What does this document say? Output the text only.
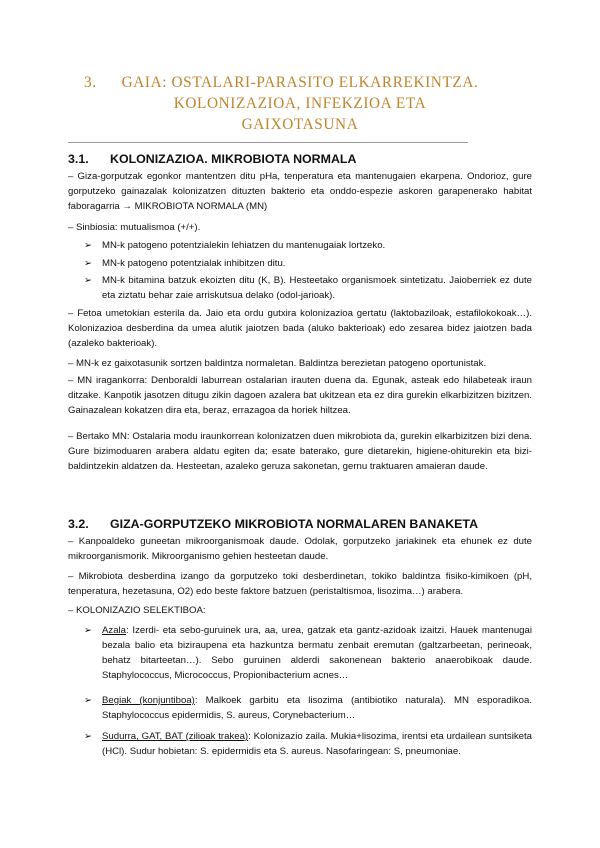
3.	GAIA: OSTALARI-PARASITO ELKARREKINTZA.
KOLONIZAZIOA, INFEKZIOA ETA
GAIXOTASUNA
3.1. KOLONIZAZIOA. MIKROBIOTA NORMALA
– Giza-gorputzak egonkor mantentzen ditu pHa, tenperatura eta mantenugaien ekarpena. Ondorioz, gure gorputzeko gainazalak kolonizatzen dituzten bakterio eta onddo-espezie askoren garapenerako habitat faboragarria → MIKROBIOTA NORMALA (MN)
– Sinbiosia: mutualismoa (+/+).
➢ MN-k patogeno potentzialekin lehiatzen du mantenugaiak lortzeko.
➢ MN-k patogeno potentzialak inhibitzen ditu.
➢ MN-k bitamina batzuk ekoizten ditu (K, B). Hesteetako organismoek sintetizatu. Jaioberriek ez dute eta ziztatu behar zaie arriskutsua delako (odol-jarioak).
– Fetoa umetokian esterila da. Jaio eta ordu gutxira kolonizazioa gertatu (laktobaziloak, estafilokokoak…). Kolonizazioa desberdina da umea alutik jaiotzen bada (aluko bakterioak) edo zesarea bidez jaiotzen bada (azaleko bakterioak).
– MN-k ez gaixotasunik sortzen baldintza normaletan. Baldintza berezietan patogeno oportunistak.
– MN iragankorra: Denboraldi laburrean ostalarian irauten duena da. Egunak, asteak edo hilabeteak iraun ditzake. Kanpotik jasotzen ditugu zikin dagoen azalera bat ukitzean eta ez dira gurekin elkarbizitzen bizitzen. Gainazalean kokatzen dira eta, beraz, errazagoa da horiek hiltzea.
– Bertako MN: Ostalaria modu iraunkorrean kolonizatzen duen mikrobiota da, gurekin elkarbizitzen bizi dena. Gure bizimoduaren arabera aldatu egiten da; esate baterako, gure dietarekin, higiene-ohiturekin eta bizi-baldintzekin aldatzen da. Hesteetan, azaleko geruza sakonetan, gernu traktuaren amaieran daude.
3.2. GIZA-GORPUTZEKO MIKROBIOTA NORMALAREN BANAKETA
– Kanpoaldeko guneetan mikroorganismoak daude. Odolak, gorputzeko jariakinek eta ehunek ez dute mikroorganismorik. Mikroorganismo gehien hesteetan daude.
– Mikrobiota desberdina izango da gorputzeko toki desberdinetan, tokiko baldintza fisiko-kimikoen (pH, tenperatura, hezetasuna, O2) edo beste faktore batzuen (peristaltismoa, lisozima…) arabera.
– KOLONIZAZIO SELEKTIBOA:
➢ Azala: Izerdi- eta sebo-guruinek ura, aa, urea, gatzak eta gantz-azidoak izaitzi. Hauek mantenugai bezala balio eta biziraupena eta hazkuntza bermatu zenbait eremutan (galtzarbeetan, perineoak, behatz bitarteetan…). Sebo guruinen alderdi sakonenean bakterio anaerobikoak daude. Staphylococcus, Micrococcus, Propionibacterium acnes…
➢ Begiak (konjuntiboa): Malkoek garbitu eta lisozima (antibiotiko naturala). MN esporadikoa. Staphylococcus epidermidis, S. aureus, Corynebacterium…
➢ Sudurra, GAT, BAT (zilioak trakea): Kolonizazio zaila. Mukia+lisozima, irentsi eta urdailean suntsiketa (HCl). Sudur hobietan: S. epidermidis eta S. aureus. Nasofaringean: S, pneumoniae.
